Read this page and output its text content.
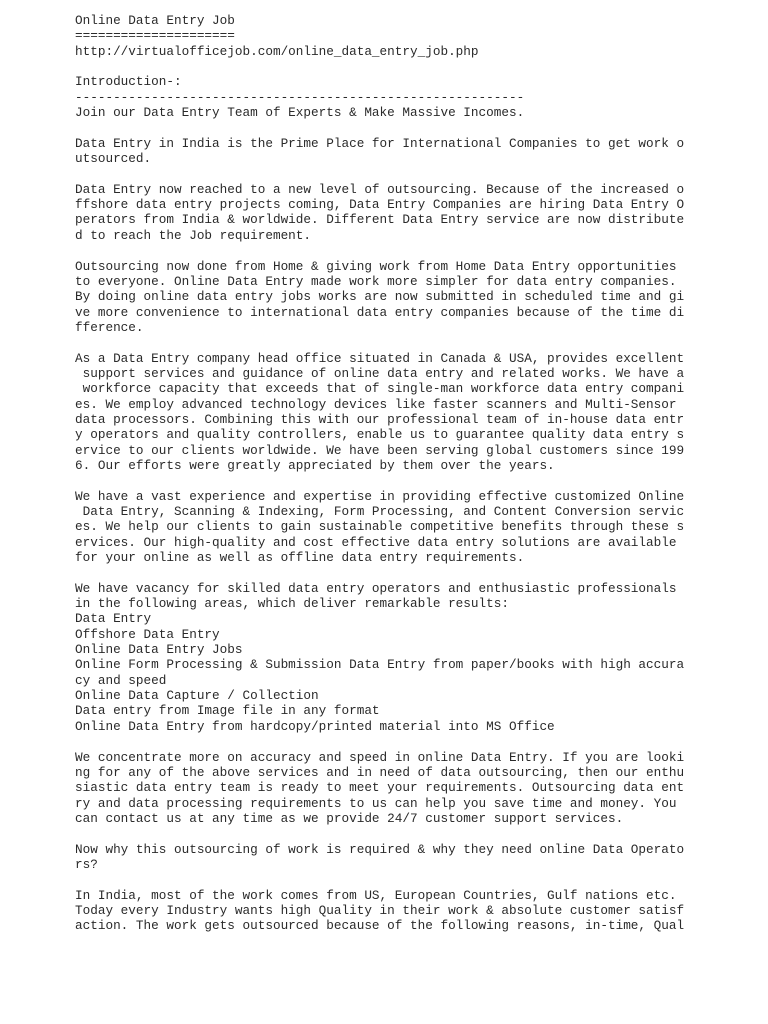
Online Data Entry Job
=====================
http://virtualofficejob.com/online_data_entry_job.php
Introduction-:
-----------------------------------------------------------
Join our Data Entry Team of Experts & Make Massive Incomes.
Data Entry in India is the Prime Place for International Companies to get work o
utsourced.
Data Entry now reached to a new level of outsourcing. Because of the increased o
ffshore data entry projects coming, Data Entry Companies are hiring Data Entry O
perators from India & worldwide. Different Data Entry service are now distribute
d to reach the Job requirement.
Outsourcing now done from Home & giving work from Home Data Entry opportunities
to everyone. Online Data Entry made work more simpler for data entry companies.
By doing online data entry jobs works are now submitted in scheduled time and gi
ve more convenience to international data entry companies because of the time di
fference.
As a Data Entry company head office situated in Canada & USA, provides excellent
support services and guidance of online data entry and related works. We have a
workforce capacity that exceeds that of single-man workforce data entry compani
es. We employ advanced technology devices like faster scanners and Multi-Sensor
data processors. Combining this with our professional team of in-house data entr
y operators and quality controllers, enable us to guarantee quality data entry s
ervice to our clients worldwide. We have been serving global customers since 199
6. Our efforts were greatly appreciated by them over the years.
We have a vast experience and expertise in providing effective customized Online
Data Entry, Scanning & Indexing, Form Processing, and Content Conversion servic
es. We help our clients to gain sustainable competitive benefits through these s
ervices. Our high-quality and cost effective data entry solutions are available
for your online as well as offline data entry requirements.
We have vacancy for skilled data entry operators and enthusiastic professionals
in the following areas, which deliver remarkable results:
Data Entry
Offshore Data Entry
Online Data Entry Jobs
Online Form Processing & Submission Data Entry from paper/books with high accura
cy and speed
Online Data Capture / Collection
Data entry from Image file in any format
Online Data Entry from hardcopy/printed material into MS Office
We concentrate more on accuracy and speed in online Data Entry. If you are looki
ng for any of the above services and in need of data outsourcing, then our enthu
siastic data entry team is ready to meet your requirements. Outsourcing data ent
ry and data processing requirements to us can help you save time and money. You
can contact us at any time as we provide 24/7 customer support services.
Now why this outsourcing of work is required & why they need online Data Operato
rs?
In India, most of the work comes from US, European Countries, Gulf nations etc.
Today every Industry wants high Quality in their work & absolute customer satisf
action. The work gets outsourced because of the following reasons, in-time, Qual
